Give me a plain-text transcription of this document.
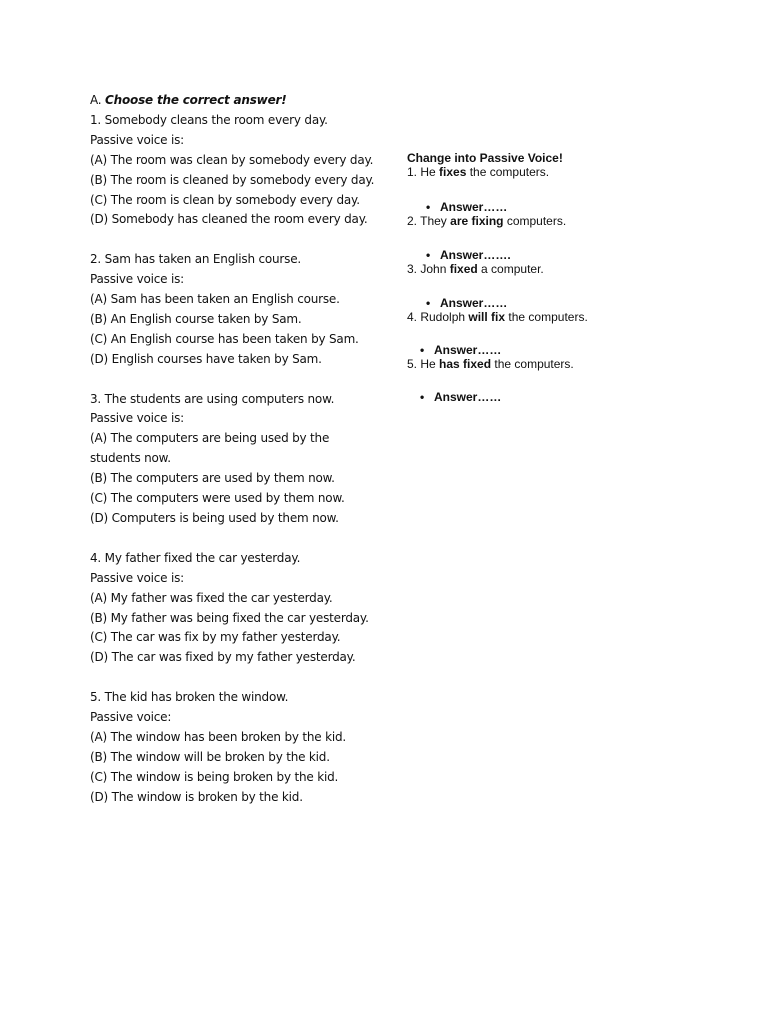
A. Choose the correct answer!
1. Somebody cleans the room every day.
Passive voice is:
(A) The room was clean by somebody every day.
(B) The room is cleaned by somebody every day.
(C) The room is clean by somebody every day.
(D) Somebody has cleaned the room every day.
2. Sam has taken an English course.
Passive voice is:
(A) Sam has been taken an English course.
(B) An English course taken by Sam.
(C) An English course has been taken by Sam.
(D) English courses have taken by Sam.
3. The students are using computers now.
Passive voice is:
(A) The computers are being used by the students now.
(B) The computers are used by them now.
(C) The computers were used by them now.
(D) Computers is being used by them now.
4. My father fixed the car yesterday.
Passive voice is:
(A) My father was fixed the car yesterday.
(B) My father was being fixed the car yesterday.
(C) The car was fix by my father yesterday.
(D) The car was fixed by my father yesterday.
5. The kid has broken the window.
Passive voice:
(A) The window has been broken by the kid.
(B) The window will be broken by the kid.
(C) The window is being broken by the kid.
(D) The window is broken by the kid.
Change into Passive Voice!
1. He fixes the computers.
• Answer……
2. They are fixing computers.
• Answer…….
3. John fixed a computer.
• Answer……
4. Rudolph will fix the computers.
• Answer……
5. He has fixed the computers.
• Answer……
